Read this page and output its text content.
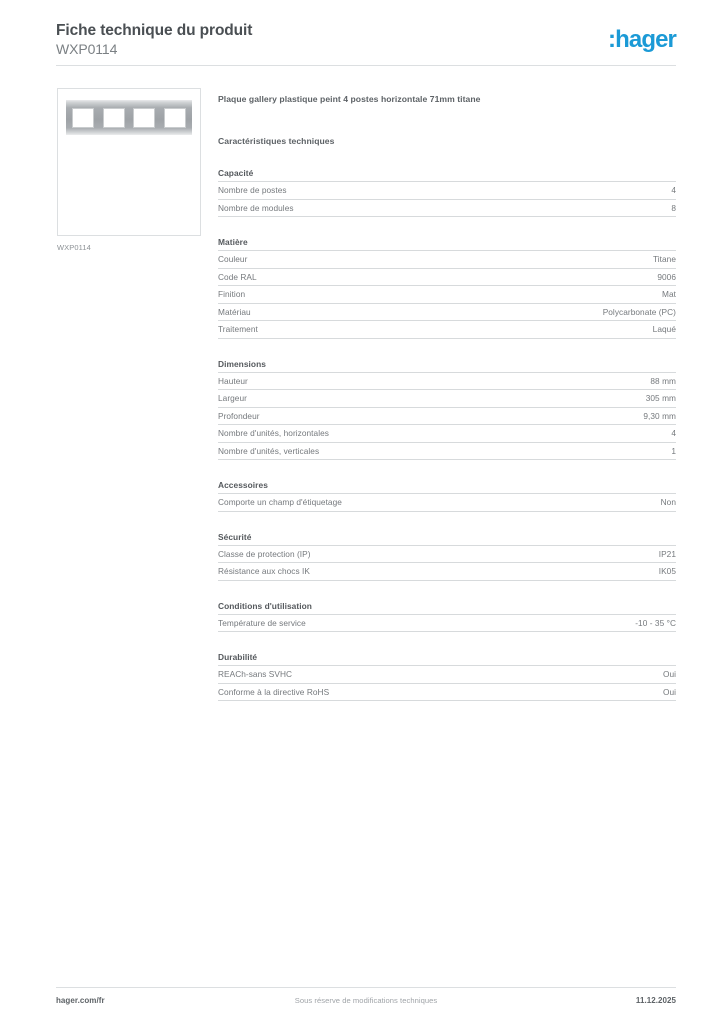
Fiche technique du produit
WXP0114	:hager
WXP0114
Plaque gallery plastique peint 4 postes horizontale 71mm titane
Caractéristiques techniques
Capacité
Nombre de postes	4
Nombre de modules	8
Matière
Couleur	Titane
Code RAL	9006
Finition	Mat
Matériau	Polycarbonate (PC)
Traitement	Laqué
Dimensions
Hauteur	88 mm
Largeur	305 mm
Profondeur	9,30 mm
Nombre d'unités, horizontales	4
Nombre d'unités, verticales	1
Accessoires
Comporte un champ d'étiquetage	Non
Sécurité
Classe de protection (IP)	IP21
Résistance aux chocs IK	IK05
Conditions d'utilisation
Température de service	-10 - 35 °C
Durabilité
REACh-sans SVHC	Oui
Conforme à la directive RoHS	Oui
hager.com/fr	Sous réserve de modifications techniques	11.12.2025
